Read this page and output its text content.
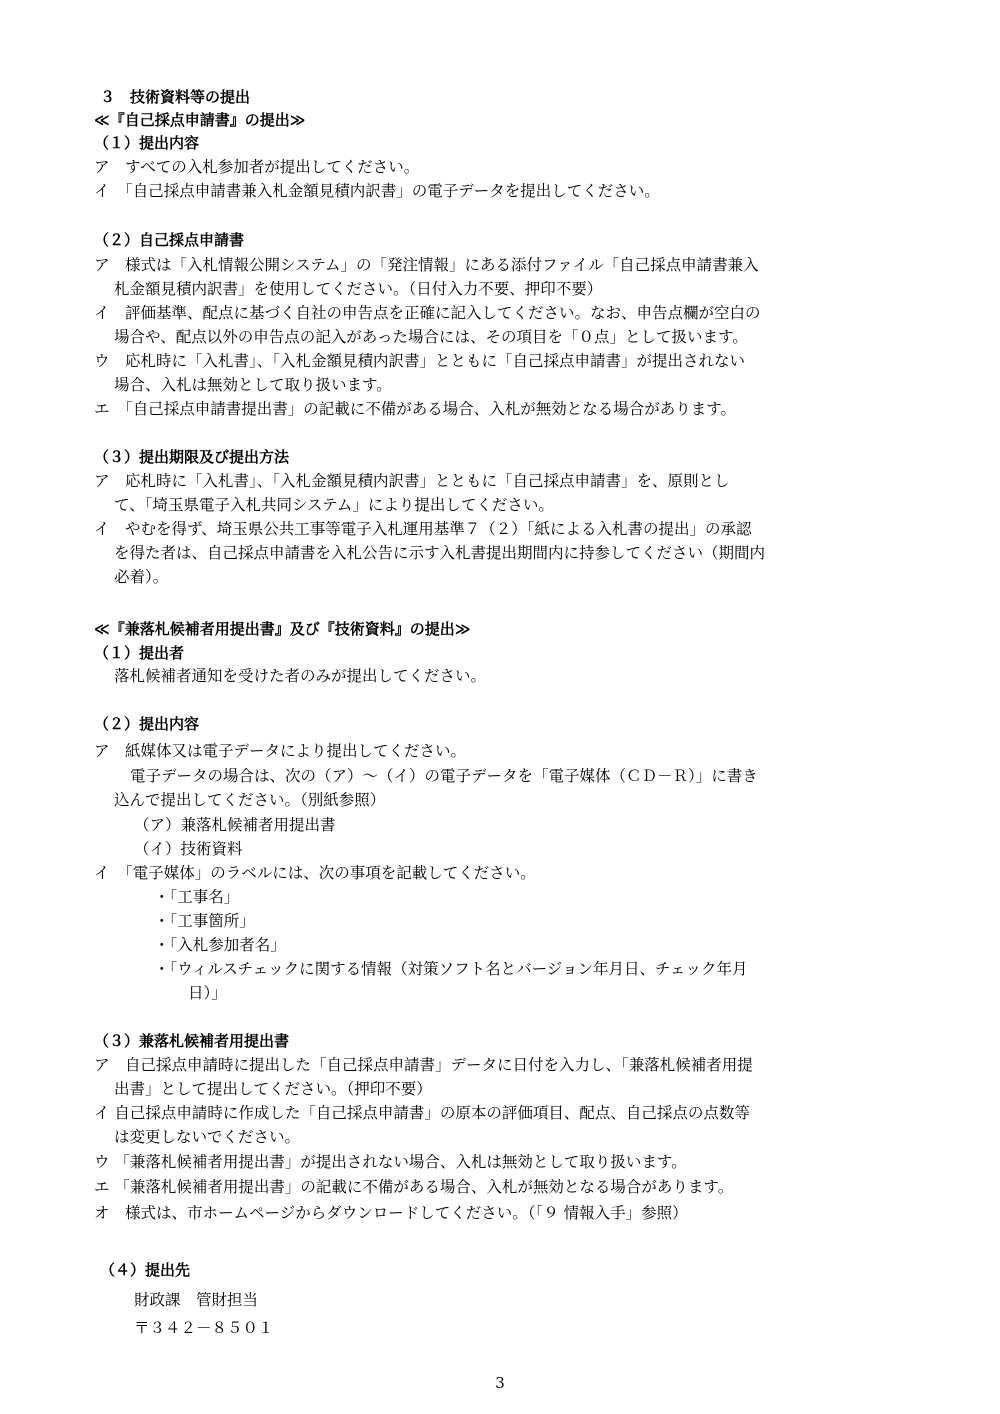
３　技術資料等の提出
≪『自己採点申請書』の提出≫
（１）提出内容
ア　すべての入札参加者が提出してください。
イ　「自己採点申請書兼入札金額見積内訳書」の電子データを提出してください。
（２）自己採点申請書
ア　様式は「入札情報公開システム」の「発注情報」にある添付ファイル「自己採点申請書兼入
札金額見積内訳書」を使用してください。（日付入力不要、押印不要）
イ　評価基準、配点に基づく自社の申告点を正確に記入してください。なお、申告点欄が空白の
場合や、配点以外の申告点の記入があった場合には、その項目を「０点」として扱います。
ウ　応札時に「入札書」、「入札金額見積内訳書」とともに「自己採点申請書」が提出されない
場合、入札は無効として取り扱います。
エ　「自己採点申請書提出書」の記載に不備がある場合、入札が無効となる場合があります。
（３）提出期限及び提出方法
ア　応札時に「入札書」、「入札金額見積内訳書」とともに「自己採点申請書」を、原則とし
て、「埼玉県電子入札共同システム」により提出してください。
イ　やむを得ず、埼玉県公共工事等電子入札運用基準７（２）「紙による入札書の提出」の承認
を得た者は、自己採点申請書を入札公告に示す入札書提出期間内に持参してください（期間内
必着）。
≪『兼落札候補者用提出書』及び『技術資料』の提出≫
（１）提出者
落札候補者通知を受けた者のみが提出してください。
（２）提出内容
ア　紙媒体又は電子データにより提出してください。
電子データの場合は、次の（ア）～（イ）の電子データを「電子媒体（ＣＤ－Ｒ）」に書き
込んで提出してください。（別紙参照）
（ア）兼落札候補者用提出書
（イ）技術資料
イ　「電子媒体」のラベルには、次の事項を記載してください。
・「工事名」
・「工事箇所」
・「入札参加者名」
・「ウィルスチェックに関する情報（対策ソフト名とバージョン年月日、チェック年月
日）」
（３）兼落札候補者用提出書
ア　自己採点申請時に提出した「自己採点申請書」データに日付を入力し、「兼落札候補者用提
出書」として提出してください。（押印不要）
イ 自己採点申請時に作成した「自己採点申請書」の原本の評価項目、配点、自己採点の点数等
は変更しないでください。
ウ 「兼落札候補者用提出書」が提出されない場合、入札は無効として取り扱います。
エ 「兼落札候補者用提出書」の記載に不備がある場合、入札が無効となる場合があります。
オ　様式は、市ホームページからダウンロードしてください。（「９ 情報入手」参照）
（４）提出先
財政課　管財担当
〒３４２－８５０１
3
